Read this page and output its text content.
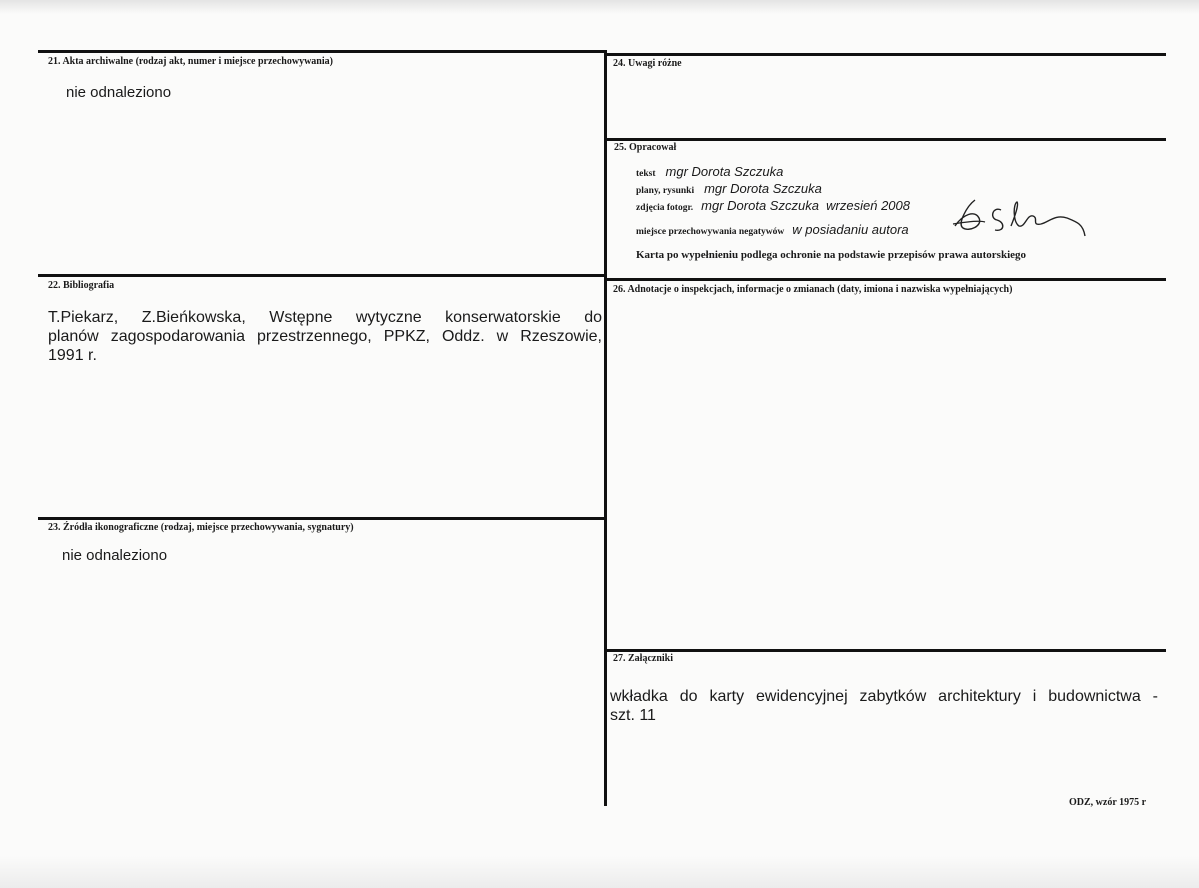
21. Akta archiwalne (rodzaj akt, numer i miejsce przechowywania)
nie odnaleziono
22. Bibliografia
T.Piekarz, Z.Bieńkowska, Wstępne wytyczne konserwatorskie do
planów zagospodarowania przestrzennego, PPKZ, Oddz. w Rzeszowie,
1991 r.
23. Źródła ikonograficzne (rodzaj, miejsce przechowywania, sygnatury)
nie odnaleziono
24. Uwagi różne
25. Opracował
tekst mgr Dorota Szczuka
plany, rysunki mgr Dorota Szczuka
zdjęcia fotogr. mgr Dorota Szczuka  wrzesień 2008
miejsce przechowywania negatywów w posiadaniu autora
Karta po wypełnieniu podlega ochronie na podstawie przepisów prawa autorskiego
26. Adnotacje o inspekcjach, informacje o zmianach (daty, imiona i nazwiska wypełniających)
27. Załączniki
wkładka do karty ewidencyjnej zabytków architektury i budownictwa -
szt. 11
ODZ, wzór 1975 r
